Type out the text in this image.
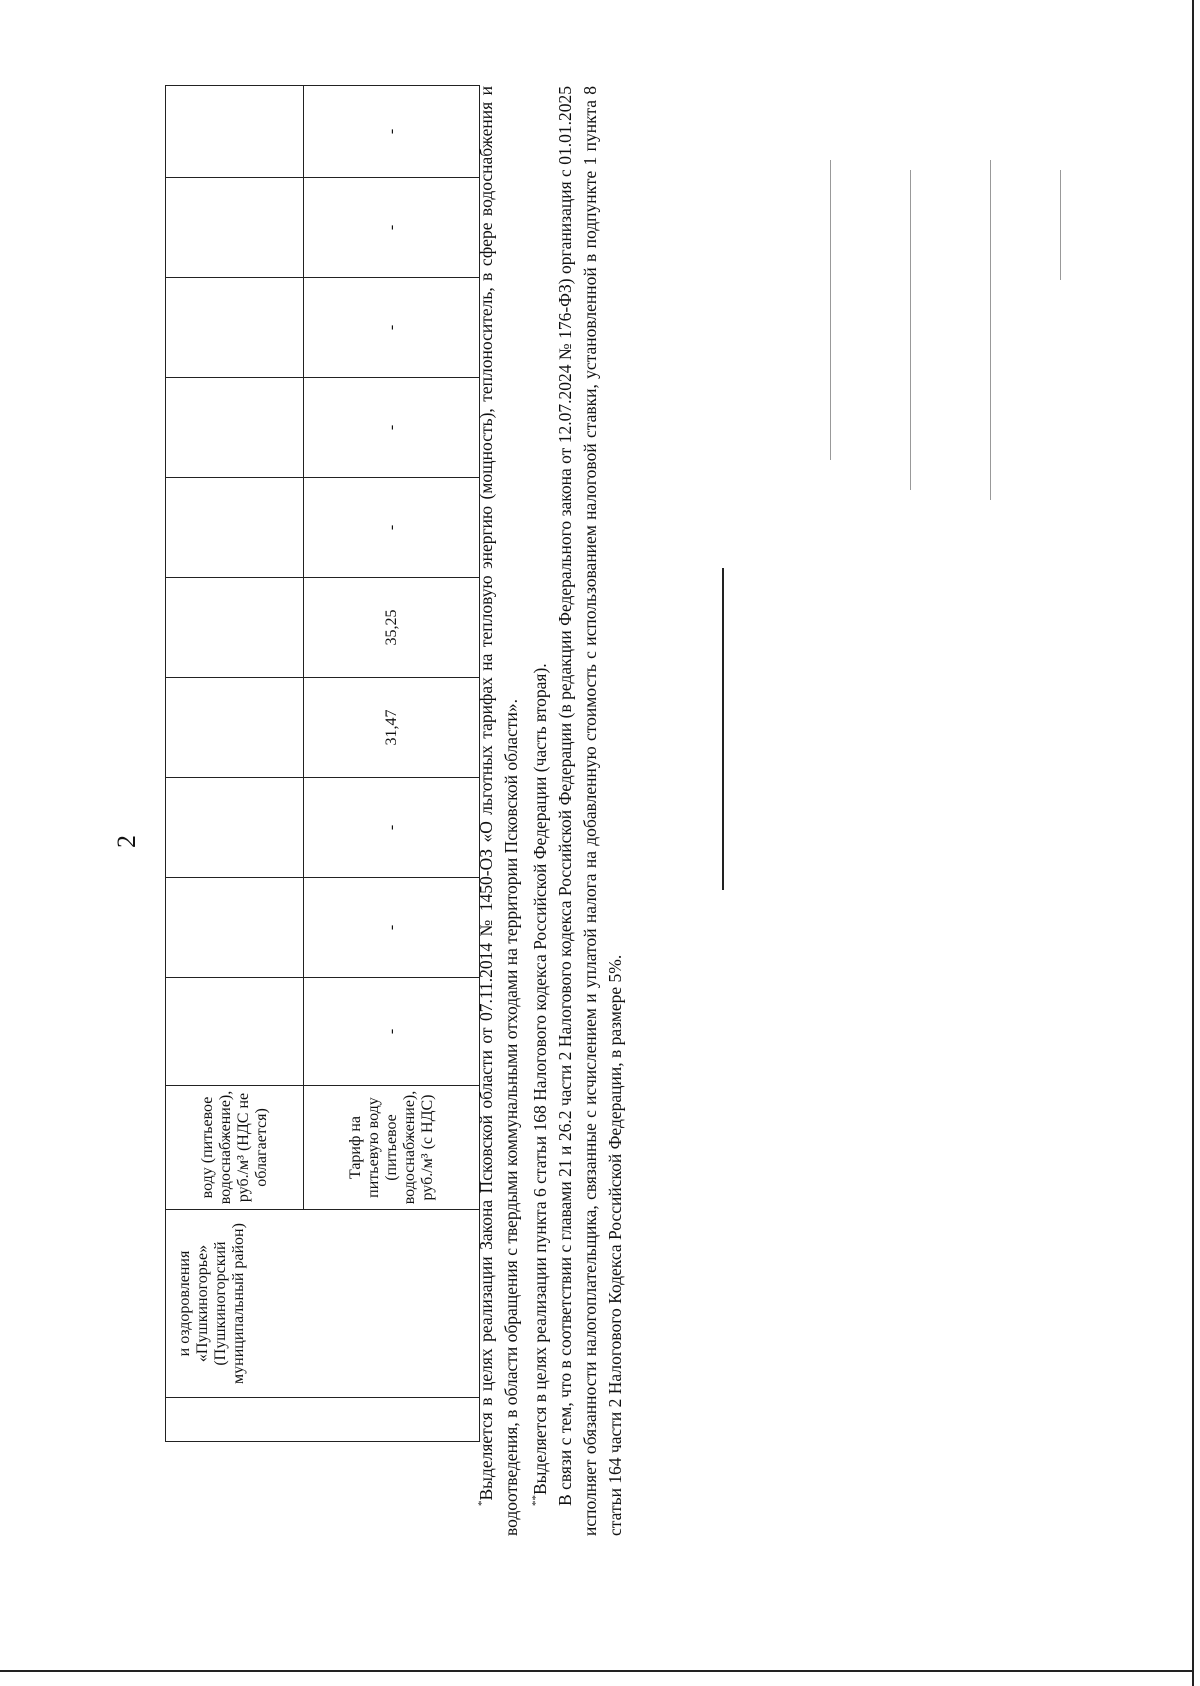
2
	и оздоровления «Пушкиногорье» (Пушкиногорский муниципальный район)	воду (питьевое водоснабжение), руб./м³ (НДС не облагается)										
		Тариф на питьевую воду (питьевое водоснабжение), руб./м³ (с НДС)	-	-	-	31,47	35,25	-	-	-	-	-

*Выделяется в целях реализации Закона Псковской области от 07.11.2014 № 1450-ОЗ «О льготных тарифах на тепловую энергию (мощность), теплоноситель, в сфере водоснабжения и водоотведения, в области обращения с твердыми коммунальными отходами на территории Псковской области». **Выделяется в целях реализации пункта 6 статьи 168 Налогового кодекса Российской Федерации (часть вторая). В связи с тем, что в соответствии с главами 21 и 26.2 части 2 Налогового кодекса Российской Федерации (в редакции Федерального закона от 12.07.2024 № 176-ФЗ) организация с 01.01.2025 исполняет обязанности налогоплательщика, связанные с исчислением и уплатой налога на добавленную стоимость с использованием налоговой ставки, установленной в подпункте 1 пункта 8 статьи 164 части 2 Налогового Кодекса Российской Федерации, в размере 5%.
